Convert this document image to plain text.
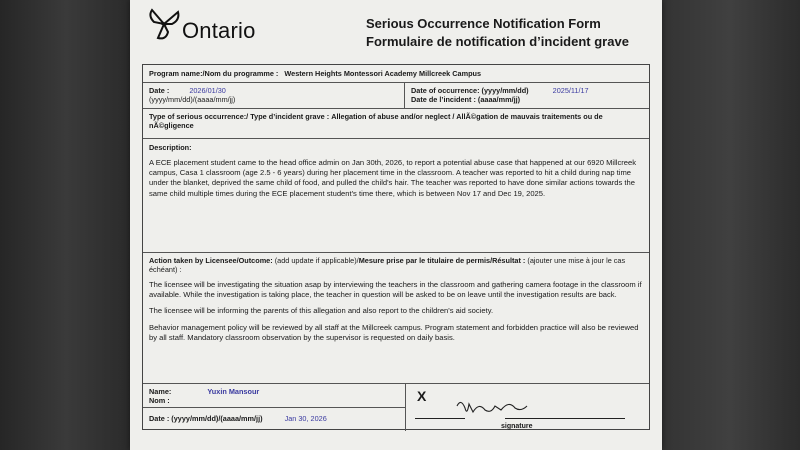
Ontario	Serious Occurrence Notification Form
Formulaire de notification d’incident grave
Program name:/Nom du programme : Western Heights Montessori Academy Millcreek Campus
Date :	2026/01/30
(yyyy/mm/dd)/(aaaa/mm/jj)
Date of occurrence: (yyyy/mm/dd)	2025/11/17
Date de l’incident : (aaaa/mm/jj)
Type of serious occurrence:/ Type d’incident grave : Allegation of abuse and/or neglect / AllÃ©gation de mauvais traitements ou de nÃ©gligence
Description:
A ECE placement student came to the head office admin on Jan 30th, 2026, to report a potential abuse case that happened at our 6920 Millcreek campus, Casa 1 classroom (age 2.5 - 6 years) during her placement time in the classroom. A teacher was reported to hit a child during nap time under the blanket, deprived the same child of food, and pulled the child's hair. The teacher was reported to have done similar actions towards the same child multiple times during the ECE placement student's time there, which is between Nov 17 and Dec 19, 2025.
Action taken by Licensee/Outcome: (add update if applicable)/Mesure prise par le titulaire de permis/Résultat : (ajouter une mise à jour le cas échéant) :

The licensee will be investigating the situation asap by interviewing the teachers in the classroom and gathering camera footage in the classroom if available. While the investigation is taking place, the teacher in question will be asked to be on leave until the investigation results are back.

The licensee will be informing the parents of this allegation and also report to the children's aid society.

Behavior management policy will be reviewed by all staff at the Millcreek campus. Program statement and forbidden practice will also be reviewed by all staff. Mandatory classroom observation by the supervisor is requested on daily basis.

Name:	Yuxin Mansour
Nom :
Date : (yyyy/mm/dd)/(aaaa/mm/jj)	Jan 30, 2026
X
signature
